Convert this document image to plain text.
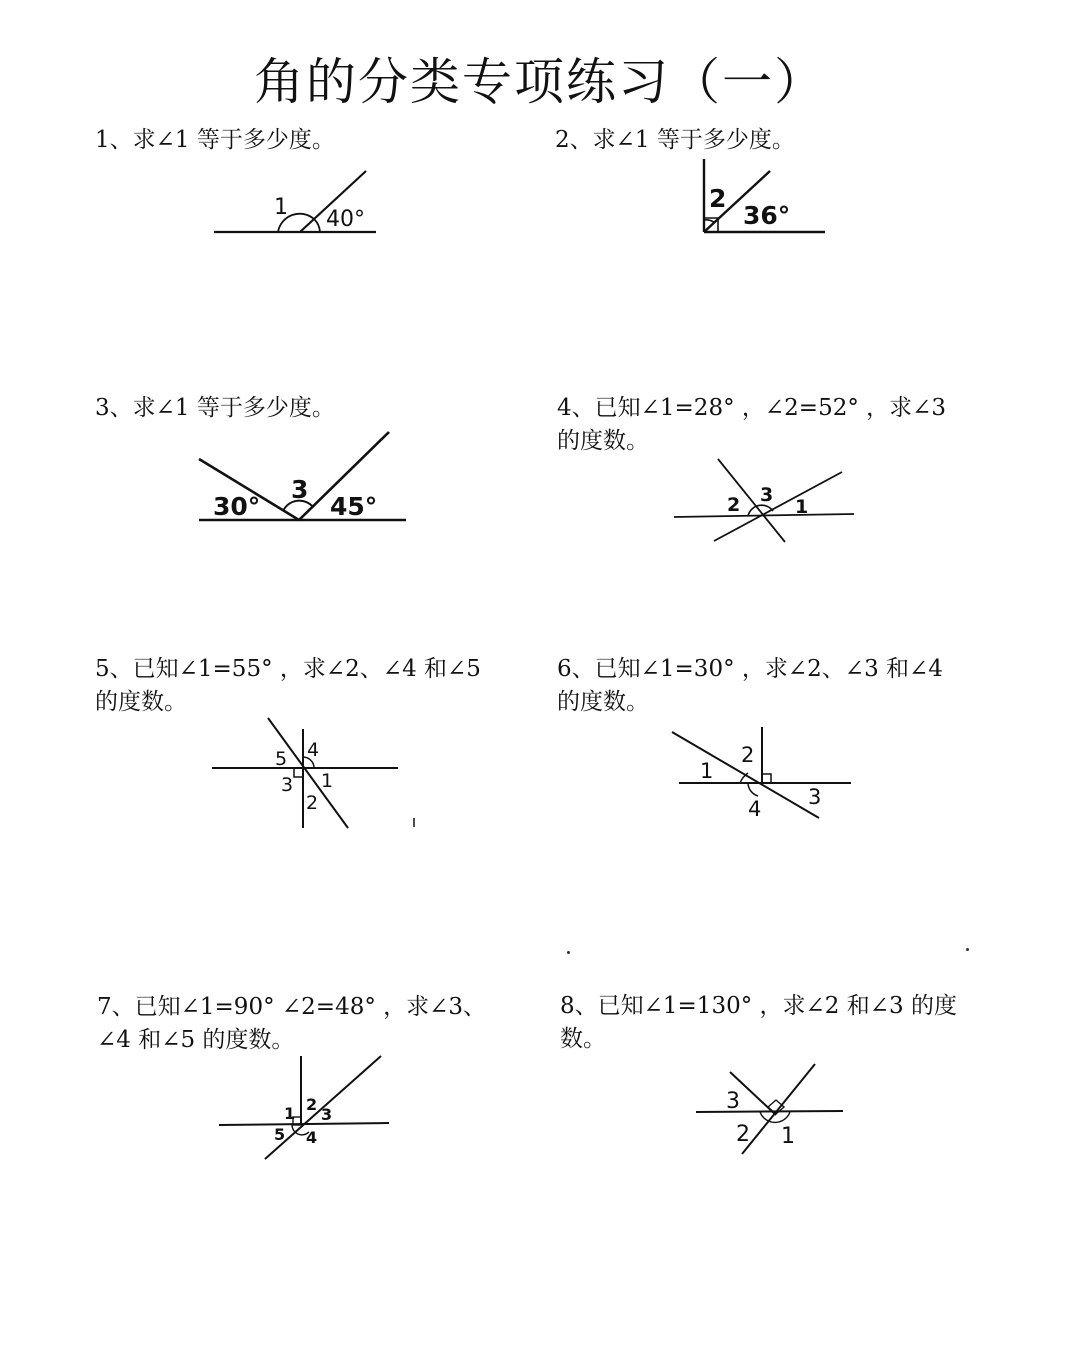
角的分类专项练习（一）
1、求∠1 等于多少度。
1 40°
2、求∠1 等于多少度。
2
36°
3、求∠1 等于多少度。
30°
3
45°
4、已知∠1=28° ，∠2=52° ，求∠3
的度数。
2 3
1
5、已知∠1=55° ，求∠2、∠4 和∠5
的度数。
5 4
3 1
2
6、已知∠1=30° ，求∠2、∠3 和∠4
的度数。
2
1
4 3
7、已知∠1=90° ∠2=48° ，求∠3、
∠4 和∠5 的度数。
1 2
3
5 4
8、已知∠1=130° ，求∠2 和∠3 的度
数。
3
2 1
